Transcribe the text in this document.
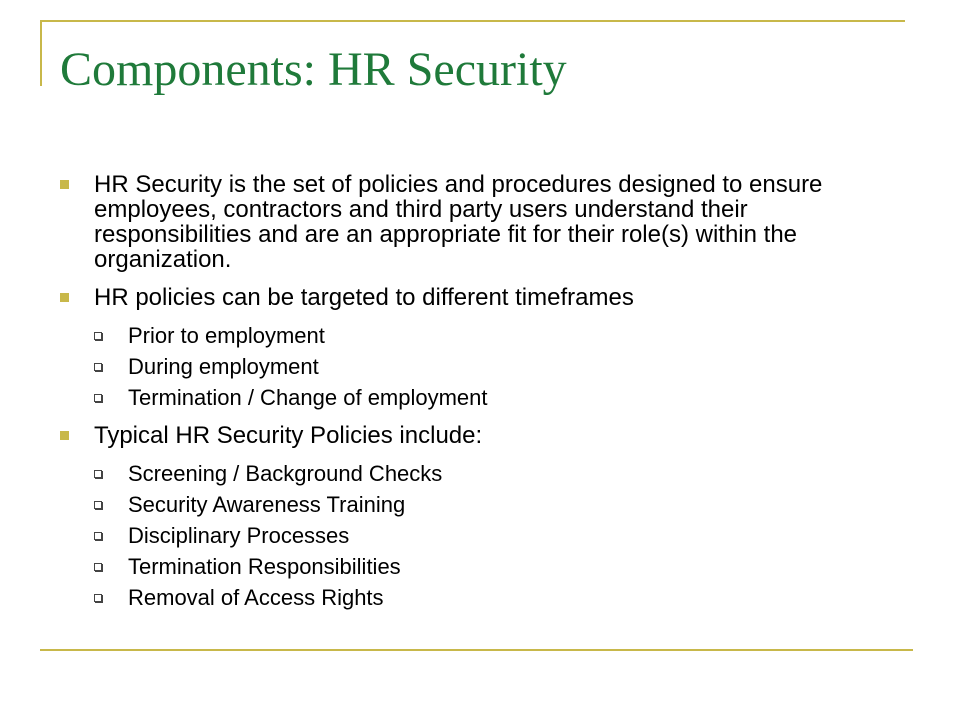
Components: HR Security
HR Security is the set of policies and procedures designed to ensure employees, contractors and third party users understand their responsibilities and are an appropriate fit for their role(s) within the organization.
HR policies can be targeted to different timeframes
Prior to employment
During employment
Termination / Change of employment
Typical HR Security Policies include:
Screening / Background Checks
Security Awareness Training
Disciplinary Processes
Termination Responsibilities
Removal of Access Rights
